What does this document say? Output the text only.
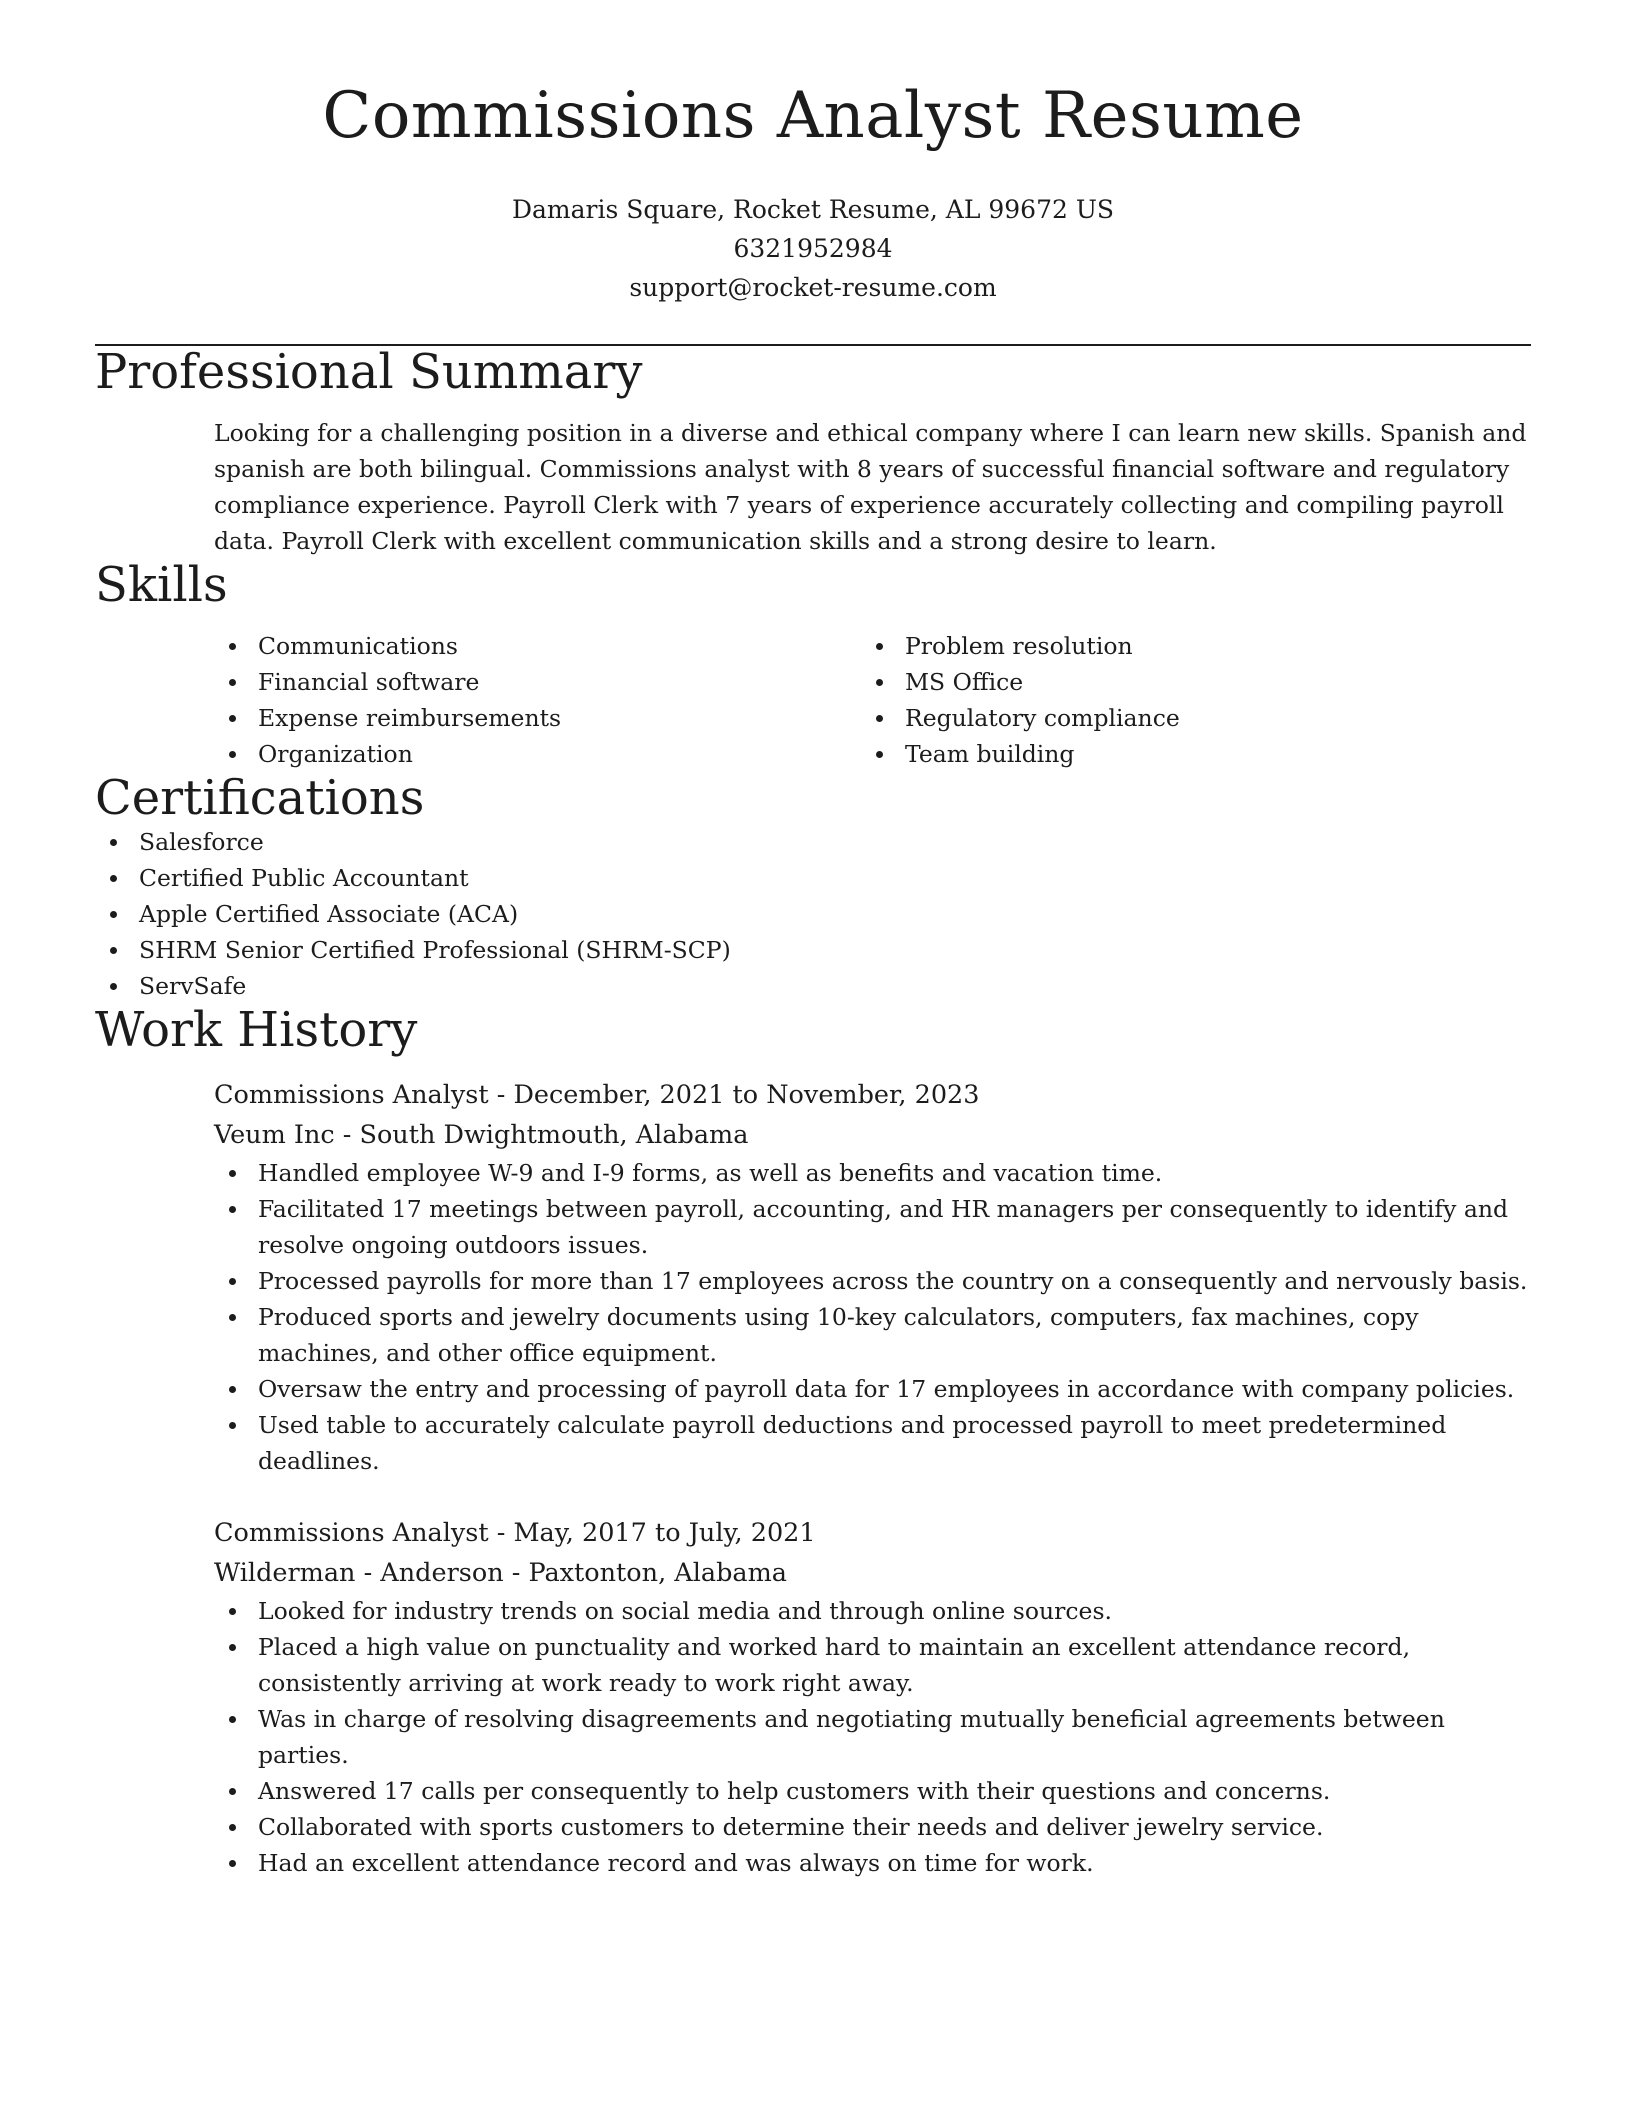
Commissions Analyst Resume
Damaris Square, Rocket Resume, AL 99672 US
6321952984
support@rocket-resume.com
Professional Summary

Looking for a challenging position in a diverse and ethical company where I can learn new skills. Spanish and spanish are both bilingual. Commissions analyst with 8 years of successful financial software and regulatory compliance experience. Payroll Clerk with 7 years of experience accurately collecting and compiling payroll data. Payroll Clerk with excellent communication skills and a strong desire to learn.

Skills
Communications
Financial software
Expense reimbursements
Organization
Problem resolution
MS Office
Regulatory compliance
Team building
Certifications
Salesforce
Certified Public Accountant
Apple Certified Associate (ACA)
SHRM Senior Certified Professional (SHRM-SCP)
ServSafe
Work History
Commissions Analyst - December, 2021 to November, 2023
Veum Inc - South Dwightmouth, Alabama
Handled employee W-9 and I-9 forms, as well as benefits and vacation time.
Facilitated 17 meetings between payroll, accounting, and HR managers per consequently to identify and resolve ongoing outdoors issues.
Processed payrolls for more than 17 employees across the country on a consequently and nervously basis.
Produced sports and jewelry documents using 10-key calculators, computers, fax machines, copy machines, and other office equipment.
Oversaw the entry and processing of payroll data for 17 employees in accordance with company policies.
Used table to accurately calculate payroll deductions and processed payroll to meet predetermined deadlines.
Commissions Analyst - May, 2017 to July, 2021
Wilderman - Anderson - Paxtonton, Alabama
Looked for industry trends on social media and through online sources.
Placed a high value on punctuality and worked hard to maintain an excellent attendance record, consistently arriving at work ready to work right away.
Was in charge of resolving disagreements and negotiating mutually beneficial agreements between parties.
Answered 17 calls per consequently to help customers with their questions and concerns.
Collaborated with sports customers to determine their needs and deliver jewelry service.
Had an excellent attendance record and was always on time for work.
